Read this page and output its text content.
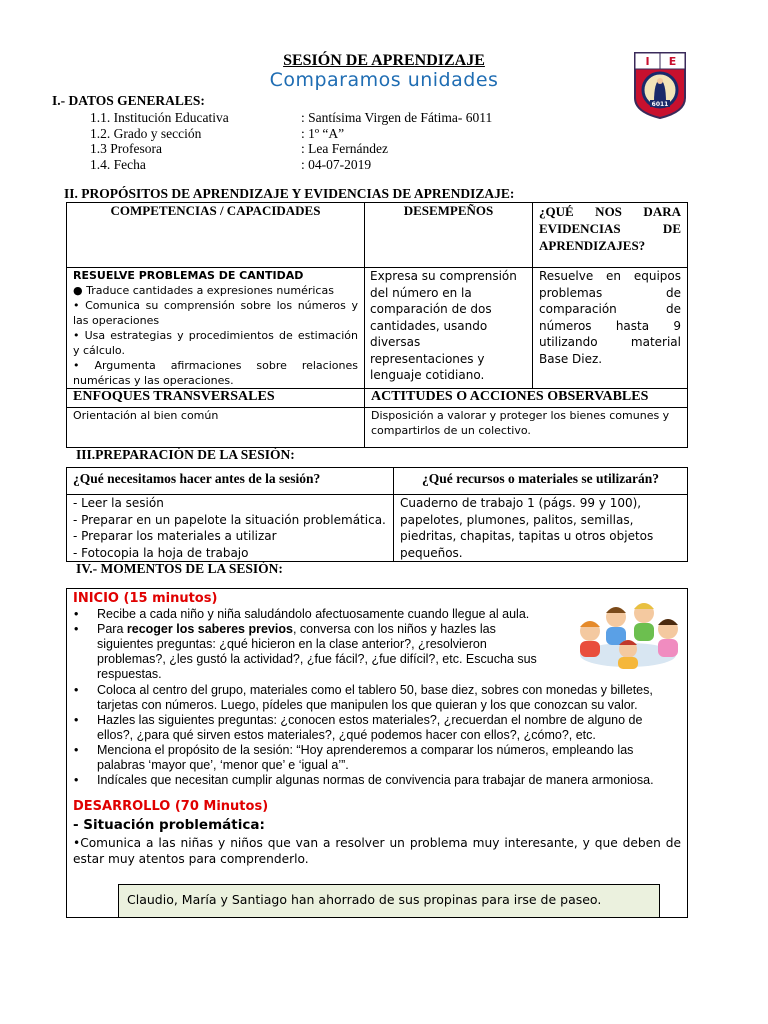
SESIÓN DE APRENDIZAJE
Comparamos unidades
I E
6011
I.- DATOS GENERALES:
1.1. Institución Educativa	: Santísima Virgen de Fátima- 6011
1.2. Grado y sección	: 1º “A”
1.3 Profesora	: Lea Fernández
1.4. Fecha	: 04-07-2019
II. PROPÓSITOS DE APRENDIZAJE Y EVIDENCIAS DE APRENDIZAJE:
COMPETENCIAS / CAPACIDADES	DESEMPEÑOS	¿QUÉ NOS DARA EVIDENCIAS DE APRENDIZAJES?

RESUELVE PROBLEMAS DE CANTIDAD
● Traduce cantidades a expresiones numéricas
• Comunica su comprensión sobre los números y las operaciones
• Usa estrategias y procedimientos de estimación y cálculo.
• Argumenta afirmaciones sobre relaciones numéricas y las operaciones.	Expresa su comprensión del número en la comparación de dos cantidades, usando diversas representaciones y lenguaje cotidiano.	Resuelve en equipos problemas de comparación de números hasta 9 utilizando material Base Diez.
ENFOQUES TRANSVERSALES	ACTITUDES O ACCIONES OBSERVABLES	
Orientación al bien común	Disposición a valorar y proteger los bienes comunes y compartirlos de un colectivo.	
III.PREPARACIÓN DE LA SESIÓN:
¿Qué necesitamos hacer antes de la sesión?	¿Qué recursos o materiales se utilizarán?

- Leer la sesión
- Preparar en un papelote la situación problemática.
- Preparar los materiales a utilizar
- Fotocopia la hoja de trabajo	Cuaderno de trabajo 1 (págs. 99 y 100), papelotes, plumones, palitos, semillas, piedritas, chapitas, tapitas u otros objetos pequeños.
IV.- MOMENTOS DE LA SESIÓN:
INICIO (15 minutos)
• Recibe a cada niño y niña saludándolo afectuosamente cuando llegue al aula.
• Para recoger los saberes previos, conversa con los niños y hazles las siguientes preguntas: ¿qué hicieron en la clase anterior?, ¿resolvieron problemas?, ¿les gustó la actividad?, ¿fue fácil?, ¿fue difícil?, etc. Escucha sus respuestas.
• Coloca al centro del grupo, materiales como el tablero 50, base diez, sobres con monedas y billetes, tarjetas con números. Luego, pídeles que manipulen los que quieran y los que conozcan su valor.
• Hazles las siguientes preguntas: ¿conocen estos materiales?, ¿recuerdan el nombre de alguno de ellos?, ¿para qué sirven estos materiales?, ¿qué podemos hacer con ellos?, ¿cómo?, etc.
• Menciona el propósito de la sesión: “Hoy aprenderemos a comparar los números, empleando las palabras ‘mayor que’, ‘menor que’ e ‘igual a’”.
• Indícales que necesitan cumplir algunas normas de convivencia para trabajar de manera armoniosa.
DESARROLLO (70 Minutos)
- Situación problemática:
•Comunica a las niñas y niños que van a resolver un problema muy interesante, y que deben de estar muy atentos para comprenderlo.
Claudio, María y Santiago han ahorrado de sus propinas para irse de paseo.
